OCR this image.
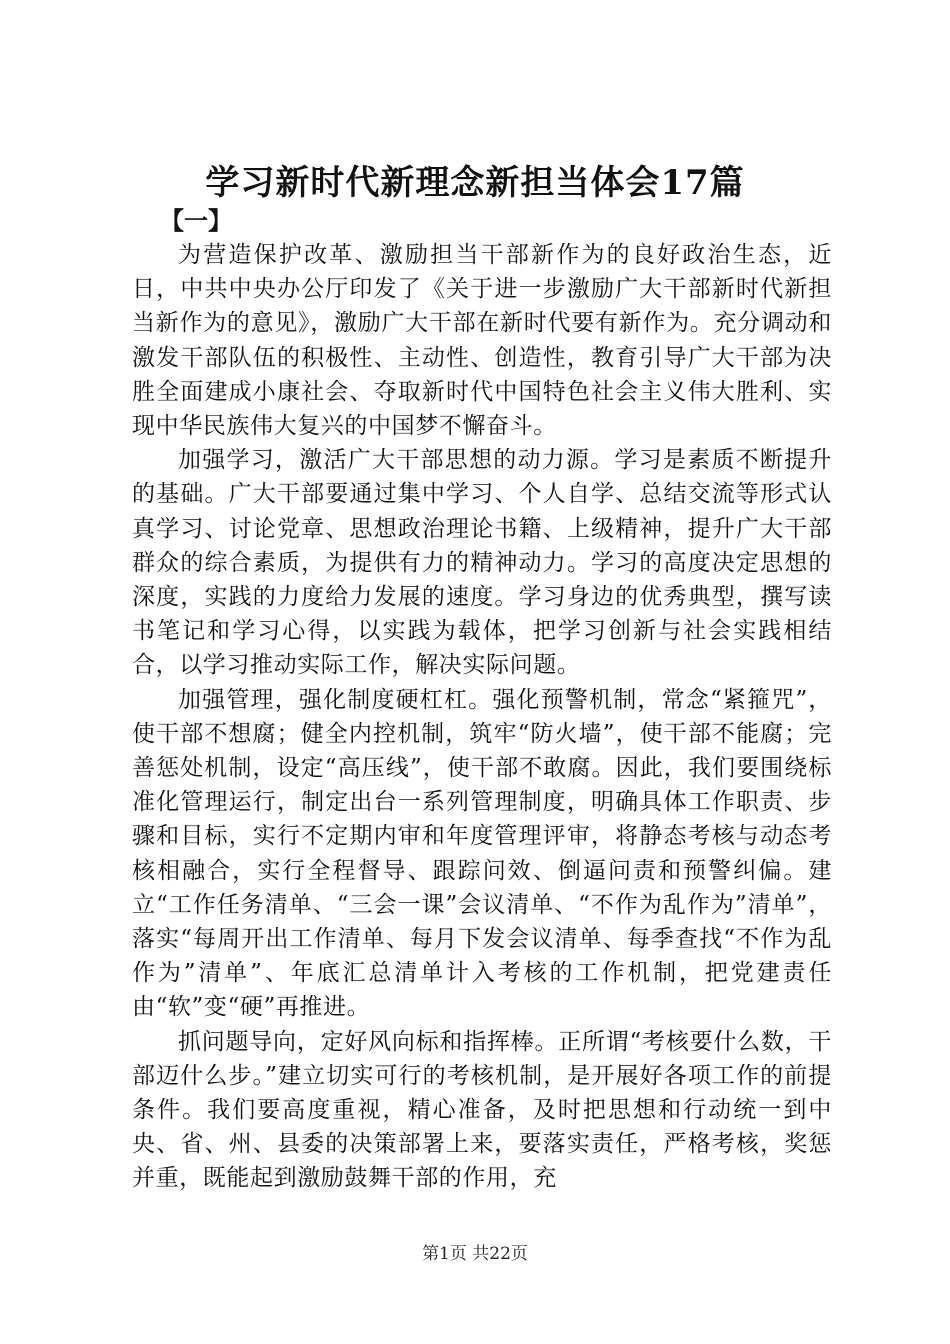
学习新时代新理念新担当体会17篇
【一】

为营造保护改革、激励担当干部新作为的良好政治生态，近日，中共中央办公厅印发了《关于进一步激励广大干部新时代新担当新作为的意见》，激励广大干部在新时代要有新作为。充分调动和激发干部队伍的积极性、主动性、创造性，教育引导广大干部为决胜全面建成小康社会、夺取新时代中国特色社会主义伟大胜利、实现中华民族伟大复兴的中国梦不懈奋斗。

加强学习，激活广大干部思想的动力源。学习是素质不断提升的基础。广大干部要通过集中学习、个人自学、总结交流等形式认真学习、讨论党章、思想政治理论书籍、上级精神，提升广大干部群众的综合素质，为提供有力的精神动力。学习的高度决定思想的深度，实践的力度给力发展的速度。学习身边的优秀典型，撰写读书笔记和学习心得，以实践为载体，把学习创新与社会实践相结合，以学习推动实际工作，解决实际问题。

加强管理，强化制度硬杠杠。强化预警机制，常念“紧箍咒”，使干部不想腐；健全内控机制，筑牢“防火墙”，使干部不能腐；完善惩处机制，设定“高压线”，使干部不敢腐。因此，我们要围绕标准化管理运行，制定出台一系列管理制度，明确具体工作职责、步骤和目标，实行不定期内审和年度管理评审，将静态考核与动态考核相融合，实行全程督导、跟踪问效、倒逼问责和预警纠偏。建立“工作任务清单、“三会一课”会议清单、“不作为乱作为”清单”，落实“每周开出工作清单、每月下发会议清单、每季查找“不作为乱作为”清单”、年底汇总清单计入考核的工作机制，把党建责任由“软”变“硬”再推进。

抓问题导向，定好风向标和指挥棒。正所谓“考核要什么数，干部迈什么步。”建立切实可行的考核机制，是开展好各项工作的前提条件。我们要高度重视，精心准备，及时把思想和行动统一到中央、省、州、县委的决策部署上来，要落实责任，严格考核，奖惩并重，既能起到激励鼓舞干部的作用，充

第1页 共22页
